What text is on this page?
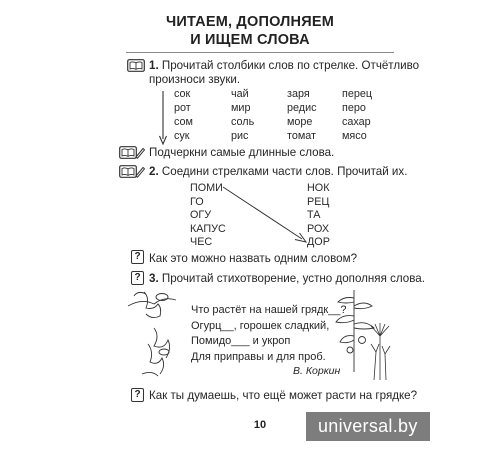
ЧИТАЕМ, ДОПОЛНЯЕМ
И ИЩЕМ СЛОВА
1. Прочитай столбики слов по стрелке. Отчётливо
произноси звуки.
сок
рот
сом
сук
чай
мир
соль
рис
заря
редис
море
томат
перец
перо
сахар
мясо
Подчеркни самые длинные слова.
2. Соедини стрелками части слов. Прочитай их.
ПОМИ
ГО
ОГУ
КАПУС
ЧЕС
НОК
РЕЦ
ТА
РОХ
ДОР
? Как это можно назвать одним словом?
? 3. Прочитай стихотворение, устно дополняя слова.
Что растёт на нашей грядк__?
Огурц__, горошек сладкий,
Помидо___ и укроп
Для приправы и для проб.
В. Коркин
? Как ты думаешь, что ещё может расти на грядке?
10	universal.by
